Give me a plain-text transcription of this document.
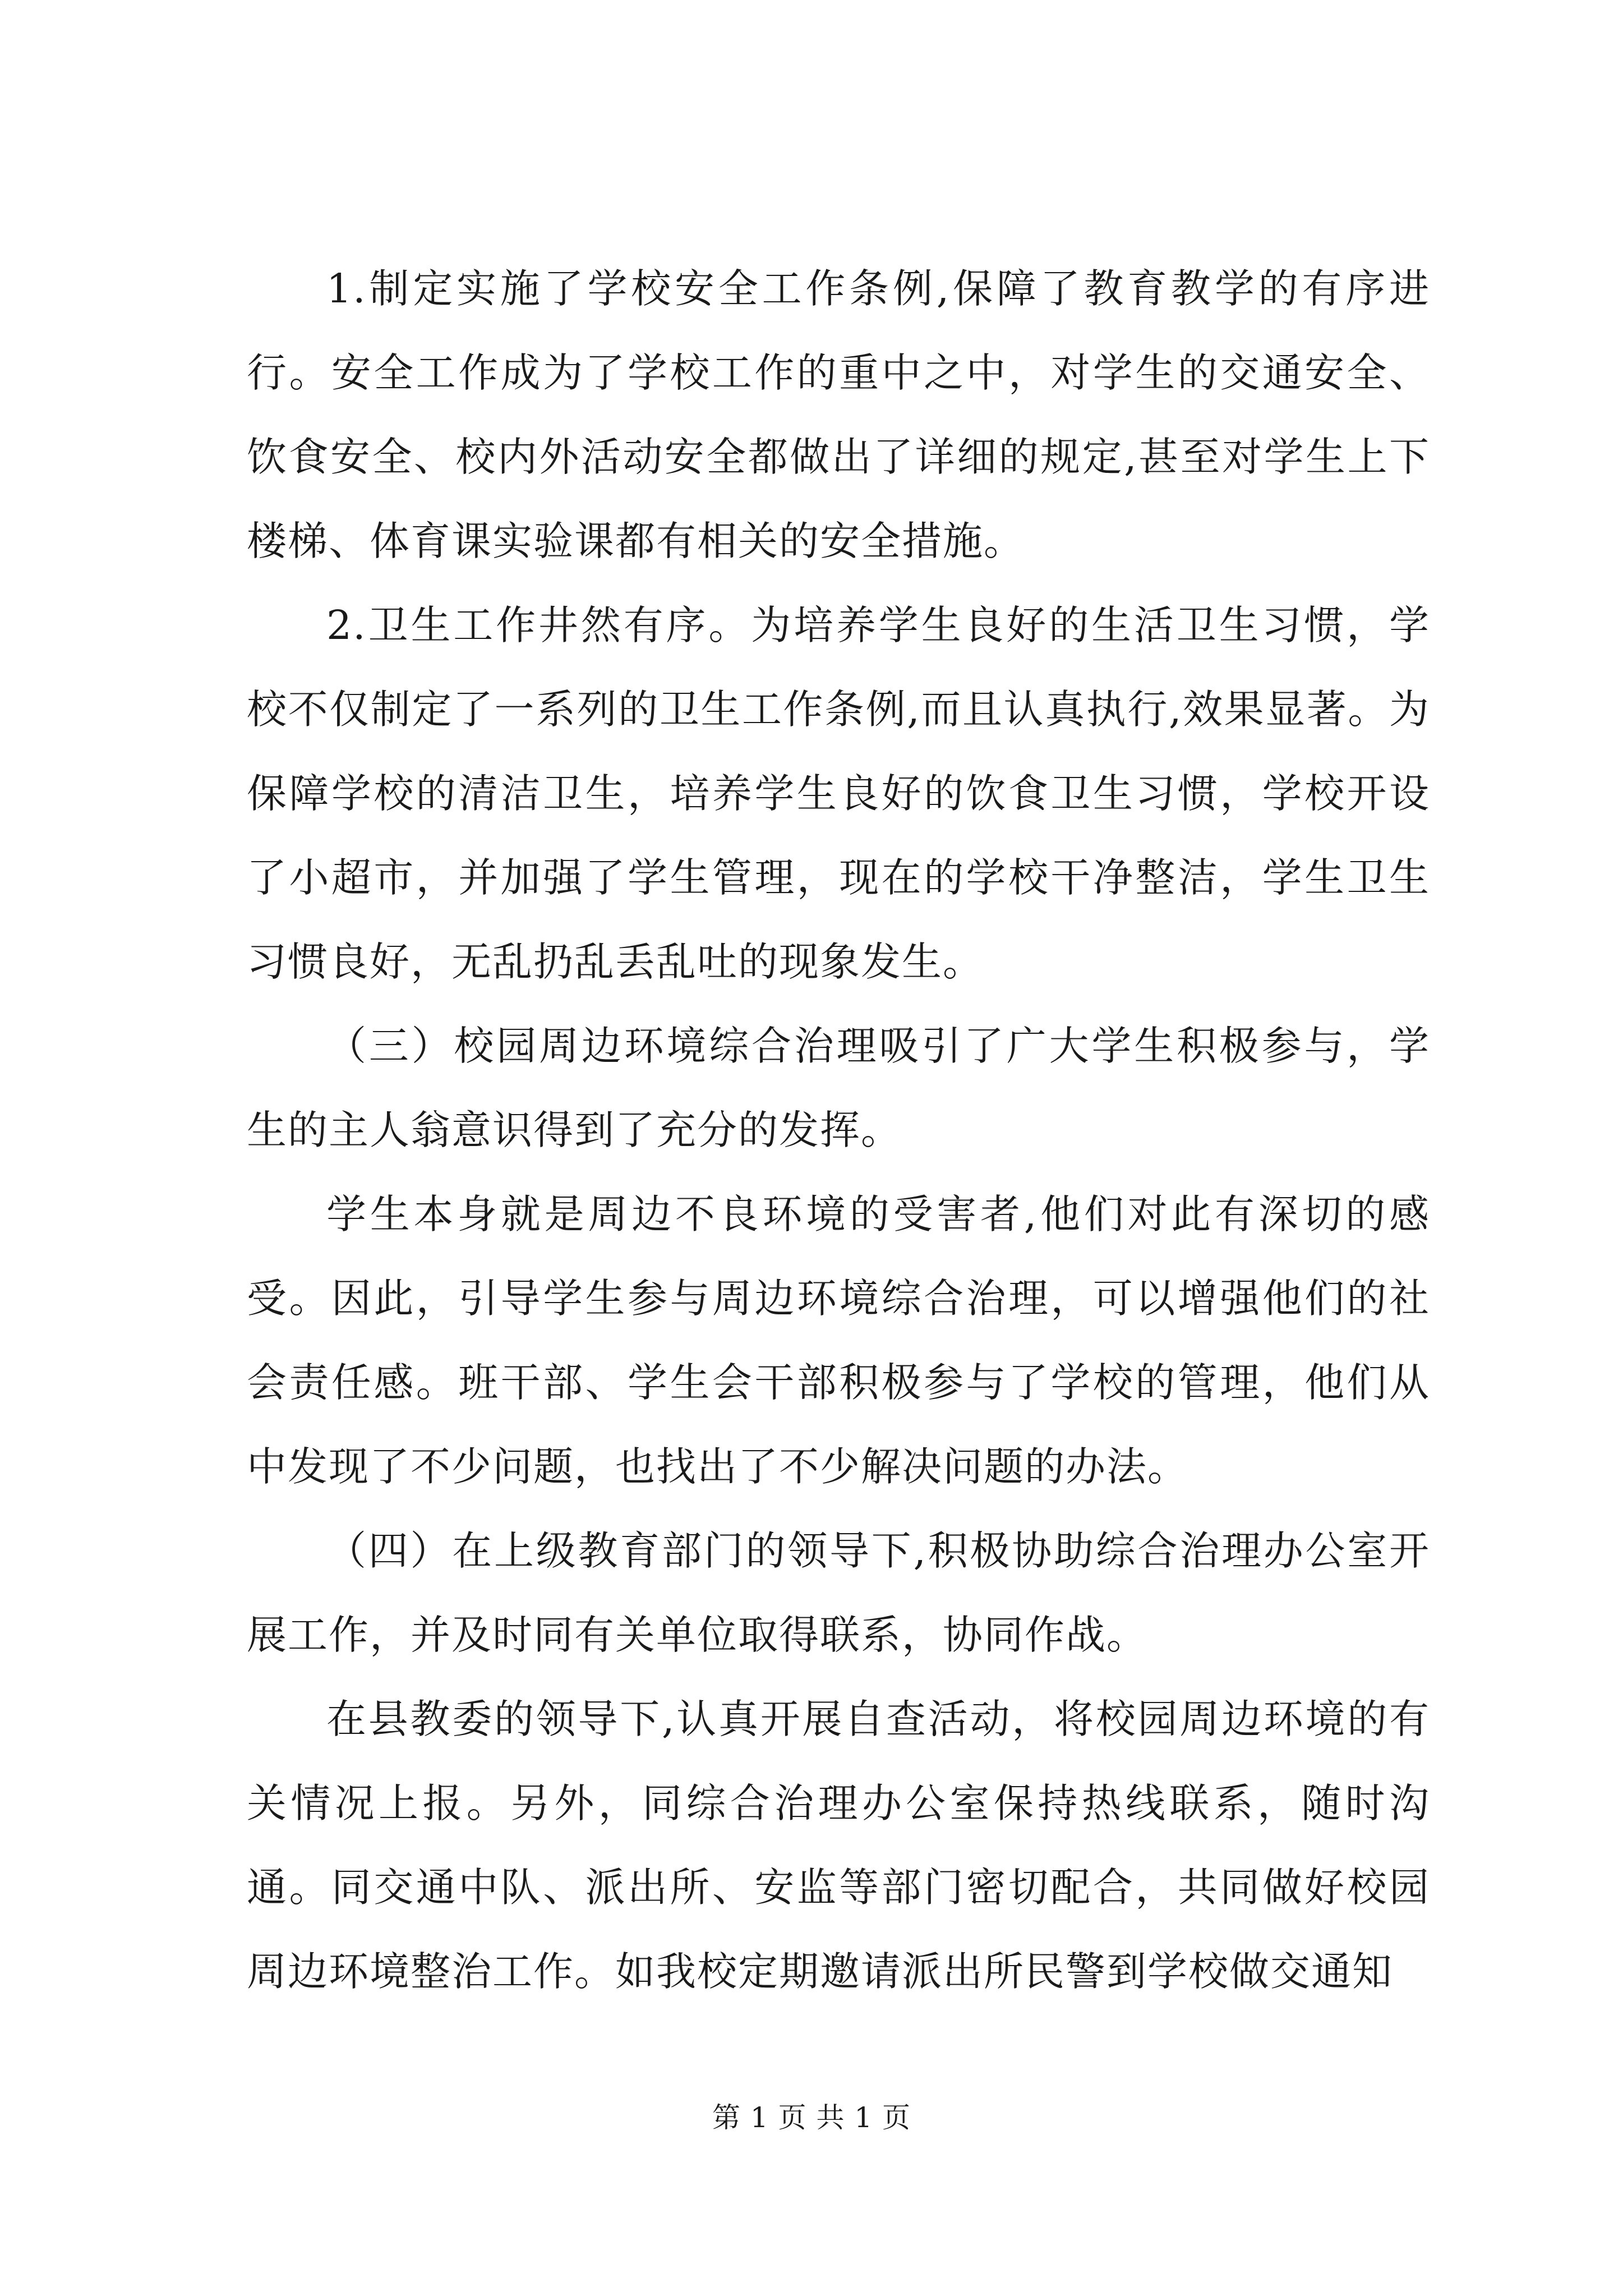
1.制定实施了学校安全工作条例,保障了教育教学的有序进行。安全工作成为了学校工作的重中之中，对学生的交通安全、饮食安全、校内外活动安全都做出了详细的规定,甚至对学生上下楼梯、体育课实验课都有相关的安全措施。

2.卫生工作井然有序。为培养学生良好的生活卫生习惯，学校不仅制定了一系列的卫生工作条例,而且认真执行,效果显著。为保障学校的清洁卫生，培养学生良好的饮食卫生习惯，学校开设了小超市，并加强了学生管理，现在的学校干净整洁，学生卫生习惯良好，无乱扔乱丢乱吐的现象发生。

（三）校园周边环境综合治理吸引了广大学生积极参与，学生的主人翁意识得到了充分的发挥。

学生本身就是周边不良环境的受害者,他们对此有深切的感受。因此，引导学生参与周边环境综合治理，可以增强他们的社会责任感。班干部、学生会干部积极参与了学校的管理，他们从中发现了不少问题，也找出了不少解决问题的办法。

（四）在上级教育部门的领导下,积极协助综合治理办公室开展工作，并及时同有关单位取得联系，协同作战。

在县教委的领导下,认真开展自查活动，将校园周边环境的有关情况上报。另外，同综合治理办公室保持热线联系，随时沟通。同交通中队、派出所、安监等部门密切配合，共同做好校园周边环境整治工作。如我校定期邀请派出所民警到学校做交通知

第 1 页 共 1 页
